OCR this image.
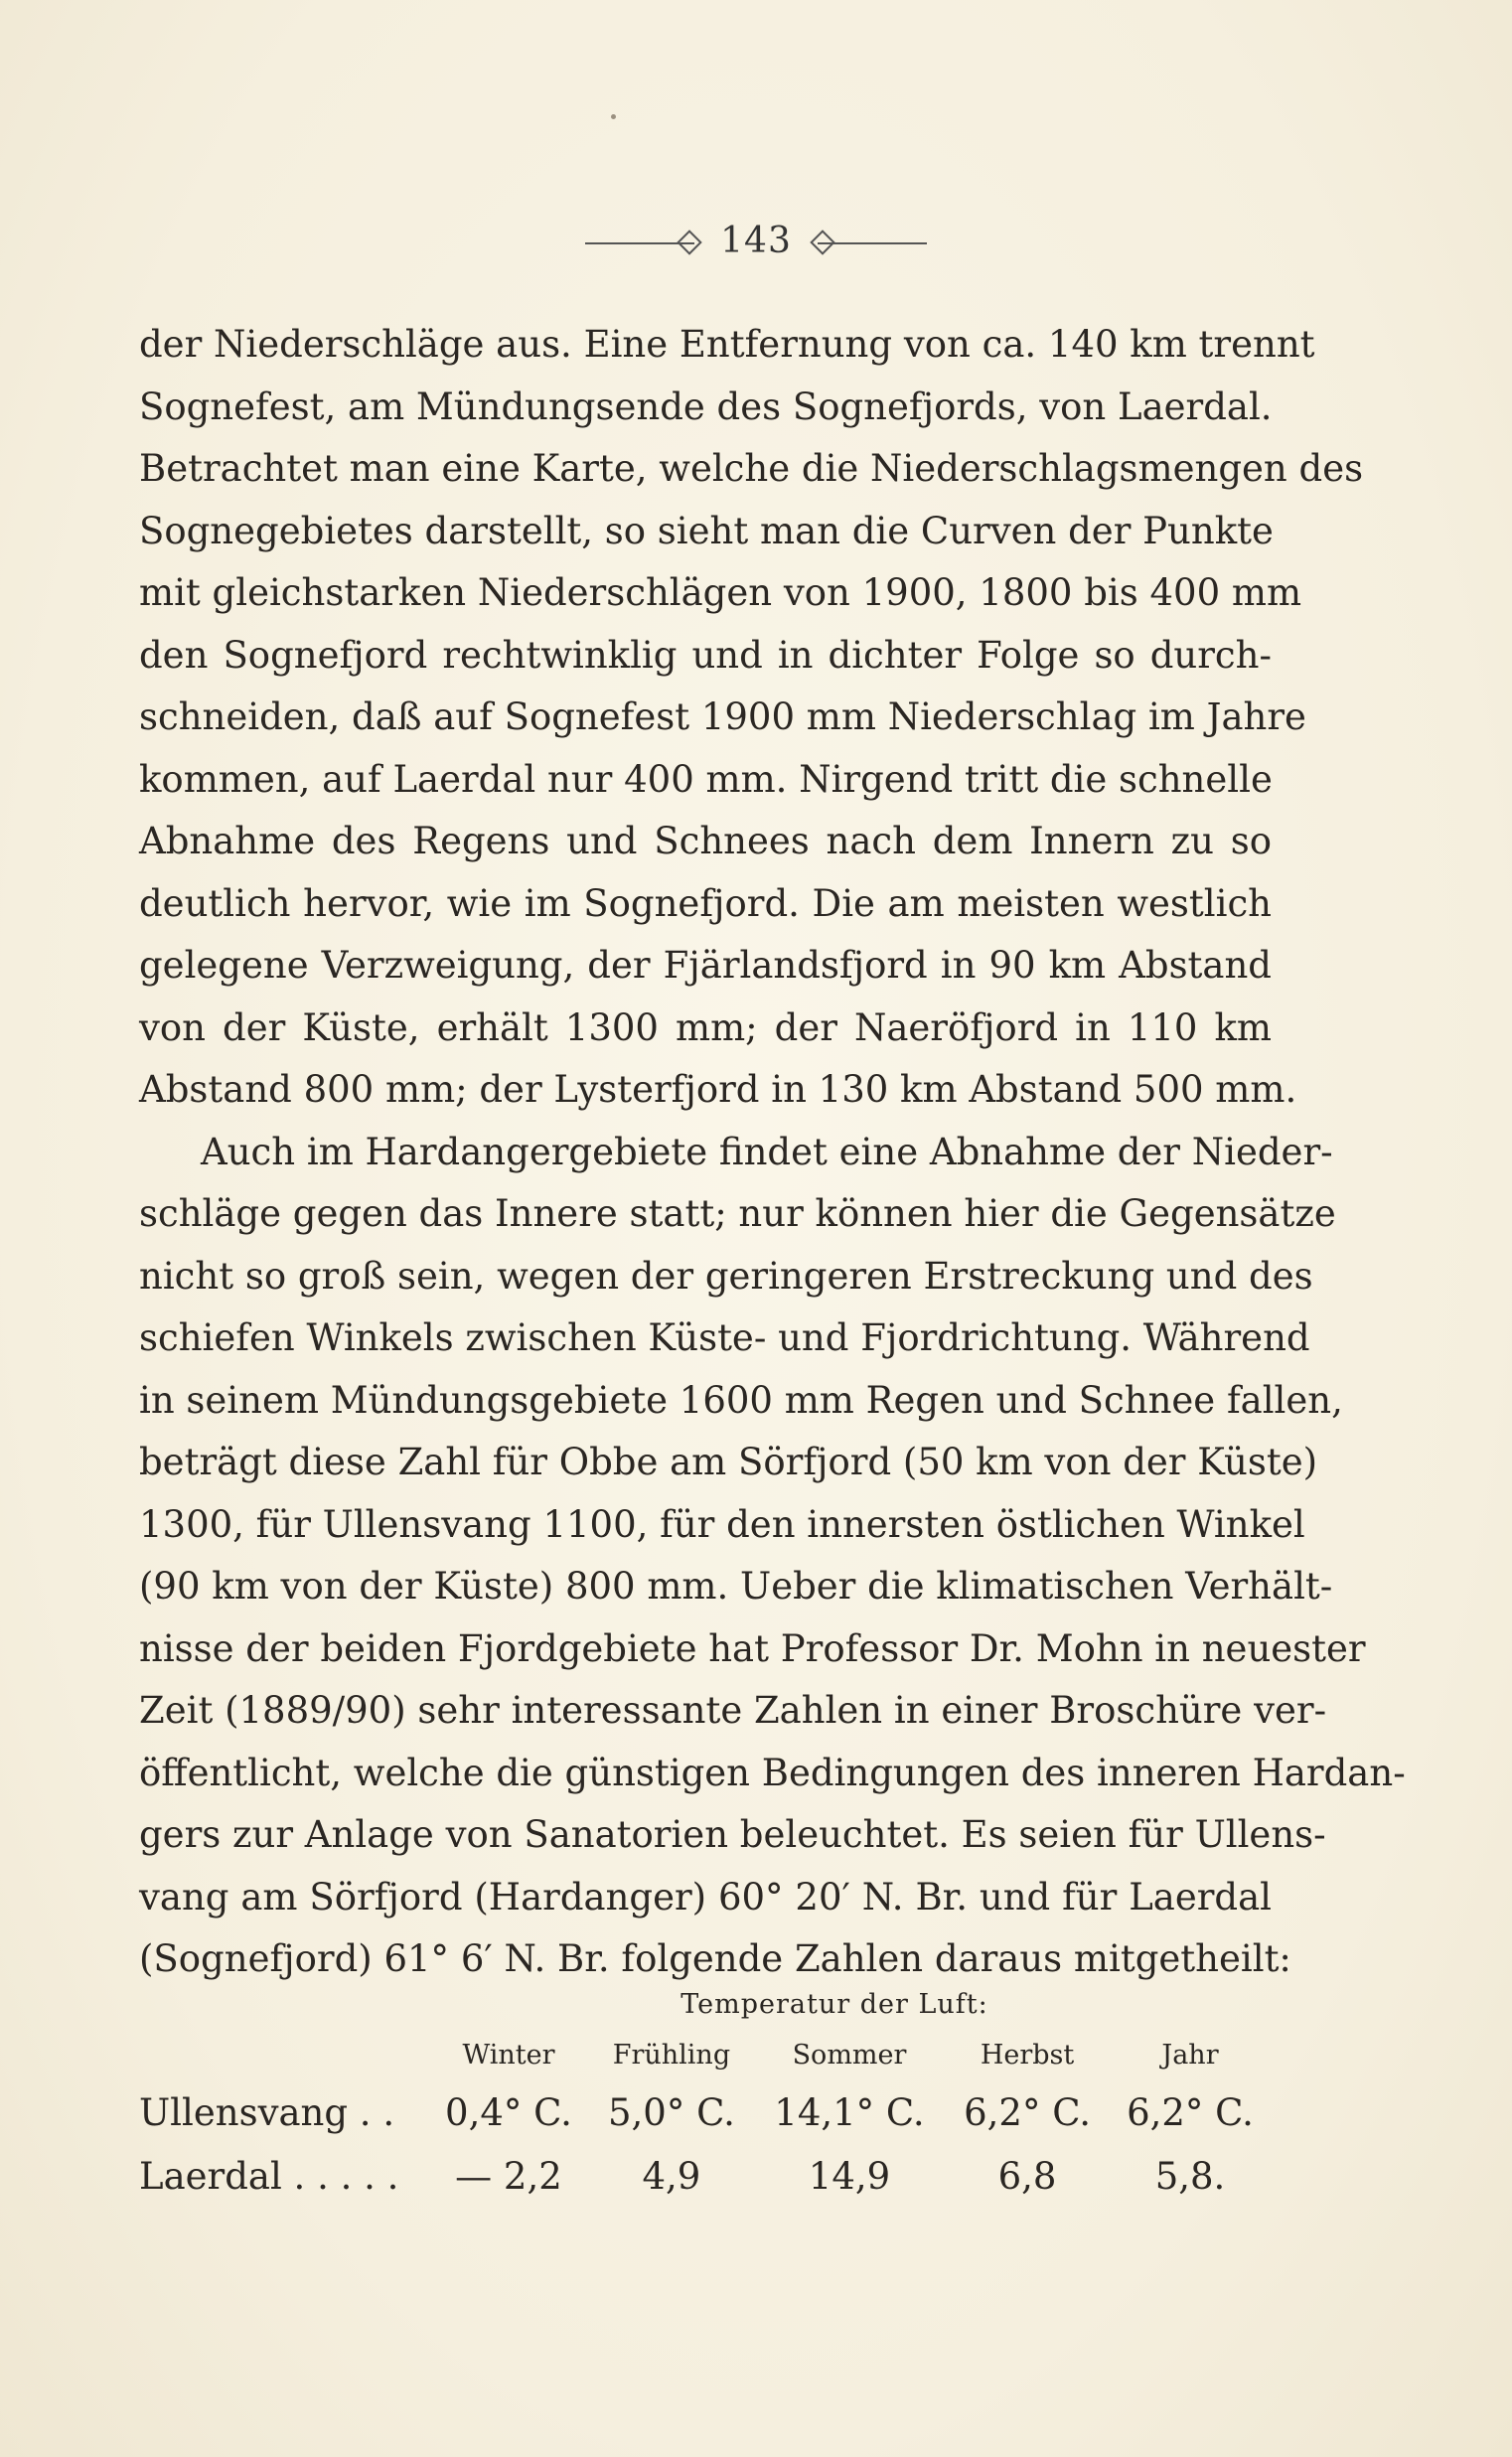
143
der Niederschläge aus. Eine Entfernung von ca. 140 km trennt
Sognefest, am Mündungsende des Sognefjords, von Laerdal.
Betrachtet man eine Karte, welche die Niederschlagsmengen des
Sognegebietes darstellt, so sieht man die Curven der Punkte
mit gleichstarken Niederschlägen von 1900, 1800 bis 400 mm
den Sognefjord rechtwinklig und in dichter Folge so durch-
schneiden, daß auf Sognefest 1900 mm Niederschlag im Jahre
kommen, auf Laerdal nur 400 mm. Nirgend tritt die schnelle
Abnahme des Regens und Schnees nach dem Innern zu so
deutlich hervor, wie im Sognefjord. Die am meisten westlich
gelegene Verzweigung, der Fjärlandsfjord in 90 km Abstand
von der Küste, erhält 1300 mm; der Naeröfjord in 110 km
Abstand 800 mm; der Lysterfjord in 130 km Abstand 500 mm.
Auch im Hardangergebiete findet eine Abnahme der Nieder-
schläge gegen das Innere statt; nur können hier die Gegensätze
nicht so groß sein, wegen der geringeren Erstreckung und des
schiefen Winkels zwischen Küste- und Fjordrichtung. Während
in seinem Mündungsgebiete 1600 mm Regen und Schnee fallen,
beträgt diese Zahl für Obbe am Sörfjord (50 km von der Küste)
1300, für Ullensvang 1100, für den innersten östlichen Winkel
(90 km von der Küste) 800 mm. Ueber die klimatischen Verhält-
nisse der beiden Fjordgebiete hat Professor Dr. Mohn in neuester
Zeit (1889/90) sehr interessante Zahlen in einer Broschüre ver-
öffentlicht, welche die günstigen Bedingungen des inneren Hardan-
gers zur Anlage von Sanatorien beleuchtet. Es seien für Ullens-
vang am Sörfjord (Hardanger) 60° 20′ N. Br. und für Laerdal
(Sognefjord) 61° 6′ N. Br. folgende Zahlen daraus mitgetheilt:
Temperatur der Luft:
	Winter	Frühling	Sommer	Herbst	Jahr
Ullensvang . .	0,4° C.	5,0° C.	14,1° C.	6,2° C.	6,2° C.
Laerdal . . . . .	— 2,2	4,9	14,9	6,8	5,8.
